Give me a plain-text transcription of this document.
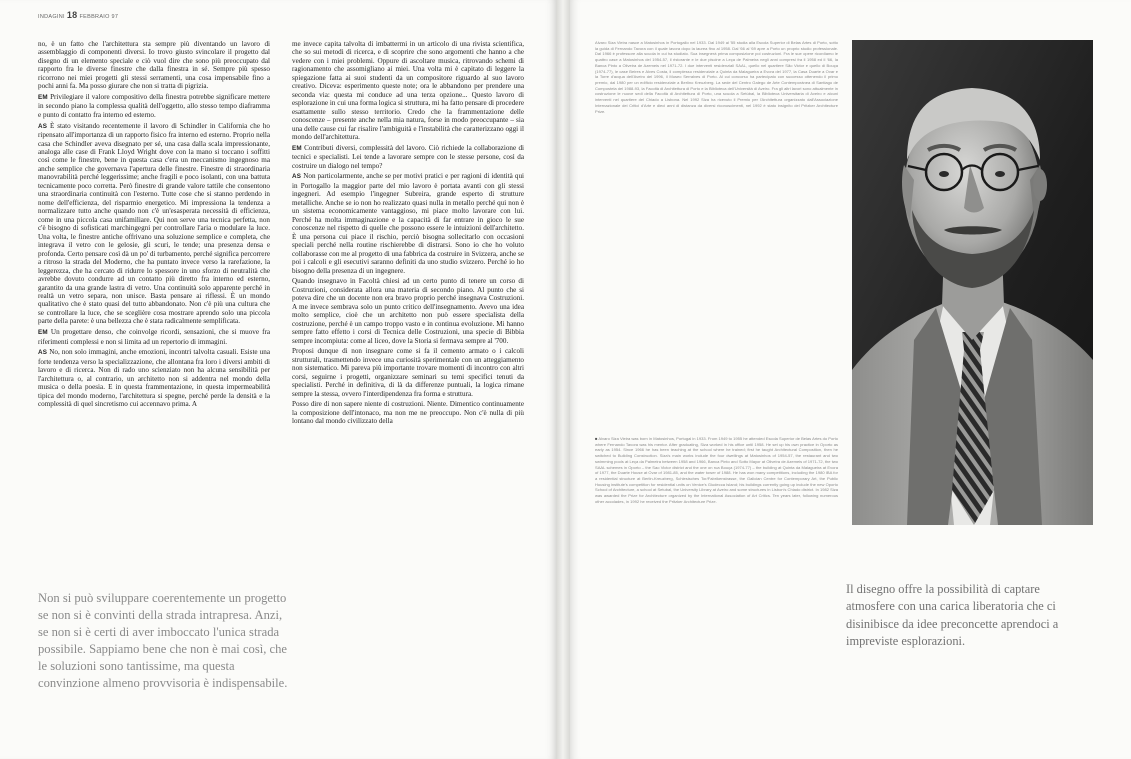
INDAGINI 18 FEBBRAIO 97

no, è un fatto che l'architettura sta sempre più diventando un lavoro di assemblaggio di componenti diversi. Io trovo giusto svincolare il progetto dal disegno di un elemento speciale e ciò vuol dire che sono più preoccupato dal rapporto fra le diverse finestre che dalla finestra in sé. Sempre più spesso ricorrono nei miei progetti gli stessi serramenti, una cosa impensabile fino a pochi anni fa. Ma posso giurare che non si tratta di pigrizia.

EM Privilegiare il valore compositivo della finestra potrebbe significare mettere in secondo piano la complessa qualità dell'oggetto, allo stesso tempo diaframma e punto di contatto fra interno ed esterno.

AS È stato visitando recentemente il lavoro di Schindler in California che ho ripensato all'importanza di un rapporto fisico fra interno ed esterno. Proprio nella casa che Schindler aveva disegnato per sé, una casa dalla scala impressionante, analoga alle case di Frank Lloyd Wright dove con la mano si toccano i soffitti così come le finestre, bene in questa casa c'era un meccanismo ingegnoso ma anche semplice che governava l'apertura delle finestre. Finestre di straordinaria manovrabilità perché leggerissime; anche fragili e poco isolanti, con una battuta tecnicamente poco corretta. Però finestre di grande valore tattile che consentono una straordinaria continuità con l'esterno. Tutte cose che si stanno perdendo in nome dell'efficienza, del risparmio energetico. Mi impressiona la tendenza a normalizzare tutto anche quando non c'è un'esasperata necessità di efficienza, come in una piccola casa unifamiliare. Qui non serve una tecnica perfetta, non c'è bisogno di sofisticati marchingegni per controllare l'aria o modulare la luce. Una volta, le finestre antiche offrivano una soluzione semplice e completa, che integrava il vetro con le gelosie, gli scuri, le tende; una presenza densa e profonda. Certo pensare così dà un po' di turbamento, perché significa percorrere a ritroso la strada del Moderno, che ha puntato invece verso la rarefazione, la leggerezza, che ha cercato di ridurre lo spessore in uno sforzo di neutralità che avrebbe dovuto condurre ad un contatto più diretto fra interno ed esterno, garantito da una grande lastra di vetro. Una continuità solo apparente perché in realtà un vetro separa, non unisce. Basta pensare ai riflessi. È un mondo qualitativo che è stato quasi del tutto abbandonato. Non c'è più una cultura che se controllare la luce, che se sceglière cosa mostrare aprendo solo una piccola parte della parete: è una bellezza che è stata radicalmente semplificata.

EM Un progettare denso, che coinvolge ricordi, sensazioni, che si muove fra riferimenti complessi e non si limita ad un repertorio di immagini.

AS No, non solo immagini, anche emozioni, incontri talvolta casuali. Esiste una forte tendenza verso la specializzazione, che allontana fra loro i diversi ambiti di lavoro e di ricerca. Non di rado uno scienziato non ha alcuna sensibilità per l'architettura o, al contrario, un architetto non si addentra nel mondo della musica o della poesia. E in questa frammentazione, in questa impermeabilità tipica del mondo moderno, l'architettura si spegne, perché perde la densità e la complessità di quel sincretismo cui accennavo prima. A

me invece capita talvolta di imbattermi in un articolo di una rivista scientifica, che so sui metodi di ricerca, e di scoprire che sono argomenti che hanno a che vedere con i miei problemi. Oppure di ascoltare musica, ritrovando schemi di ragionamento che assomigliano ai miei. Una volta mi è capitato di leggere la spiegazione fatta ai suoi studenti da un compositore riguardo al suo lavoro creativo. Diceva: esperimento queste note; ora le abbandono per prendere una seconda via: questa mi conduce ad una terza opzione... Questo lavoro di esplorazione in cui una forma logica si struttura, mi ha fatto pensare di procedere esattamente sullo stesso territorio. Credo che la frammentazione delle conoscenze – presente anche nella mia natura, forse in modo preoccupante – sia una delle cause cui far risalire l'ambiguità e l'instabilità che caratterizzano oggi il mondo dell'architettura.

EM Contributi diversi, complessità del lavoro. Ciò richiede la collaborazione di tecnici e specialisti. Lei tende a lavorare sempre con le stesse persone, così da costruire un dialogo nel tempo?

AS Non particolarmente, anche se per motivi pratici e per ragioni di identità qui in Portogallo la maggior parte del mio lavoro è portata avanti con gli stessi ingegneri. Ad esempio l'ingegner Subreira, grande esperto di strutture metalliche. Anche se io non ho realizzato quasi nulla in metallo perché qui non è un sistema economicamente vantaggioso, mi piace molto lavorare con lui. Perché ha molta immaginazione e la capacità di far entrare in gioco le sue conoscenze nel rispetto di quelle che possono essere le intuizioni dell'architetto. È una persona cui piace il rischio, perciò bisogna sollecitarlo con occasioni speciali perché nella routine rischierebbe di distrarsi. Sono io che ho voluto collaborasse con me al progetto di una fabbrica da costruire in Svizzera, anche se poi i calcoli e gli esecutivi saranno definiti da uno studio svizzero. Perché io ho bisogno della presenza di un ingegnere.

Quando insegnavo in Facoltà chiesi ad un certo punto di tenere un corso di Costruzioni, considerata allora una materia di secondo piano. Al punto che si poteva dire che un docente non era bravo proprio perché insegnava Costruzioni. A me invece sembrava solo un punto critico dell'insegnamento. Avevo una idea molto semplice, cioè che un architetto non può essere specialista della costruzione, perché è un campo troppo vasto e in continua evoluzione. Mi hanno sempre fatto effetto i corsi di Tecnica delle Costruzioni, una specie di Bibbia sempre incompiuta: come al liceo, dove la Storia si fermava sempre al '700.

Proposi dunque di non insegnare come si fa il cemento armato o i calcoli strutturali, trasmettendo invece una curiosità sperimentale con un atteggiamento non sistematico. Mi pareva più importante trovare momenti di incontro con altri corsi, seguirne i progetti, organizzare seminari su temi specifici tenuti da specialisti. Perché in definitiva, di là da differenze puntuali, la logica rimane sempre la stessa, ovvero l'interdipendenza fra forma e struttura.

Posso dire di non sapere niente di costruzioni. Niente. Dimentico continuamente la composizione dell'intonaco, ma non me ne preoccupo. Non c'è nulla di più lontano dal mondo civilizzato della

Non si può sviluppare coerentemente un progetto se non si è convinti della strada intrapresa. Anzi, se non si è certi di aver imboccato l'unica strada possibile. Sappiamo bene che non è mai così, che le soluzioni sono tantissime, ma questa convinzione almeno provvisoria è indispensabile.
Alvaro Siza Vieira nasce a Matosinhos in Portogallo nel 1933. Dal 1949 al '55 studia alla Escola Superior di Belas Artes di Porto, sotto la guida di Fernando Tavora con il quale lavora dopo la laurea fino al 1958. Dal '66 al '69 apre a Porto un proprio studio professionale. Dal 1966 è professore alla scuola in cui ha studiato. Sua insegnerà prima composizione poi costruzioni. Fra le sue opere ricordiamo le quattro case a Matosinhos del 1954-57, il ristorante e le due piscine a Leça de Palmeira negli anni compresi fra il 1958 ed il '66, la Banca Pinto a Oliveira de Azemeis nel 1971-72. I due interventi residenziali SAAL, quello nel quartiere São Victor e quello di Bouça (1974-77), le case Beires e Alves Costa, il complesso residenziale a Quinta da Malagueira a Evora del 1977, la Casa Duarte a Ovar e la Torre d'acqua dell'Aveiro del 1996, il Museo Serralves di Porto. Al cui concorso ha partecipato con successo ottenendo il primo premio, dal 1980 per un edificio residenziale a Berlino Kreuzberg. La sede del Centro Galego de Arte Contemporánea di Santiago de Compostela del 1988-93, la Facoltà di Architettura di Porto e la Biblioteca dell'Università di Aveiro. Fra gli altri lavori sono attualmente in costruzione le nuove sedi della Facoltà di Architettura di Porto, una scuola a Setúbal, la Biblioteca Universitaria di Aveiro e alcuni interventi nel quartiere del Chiado a Lisbona. Nel 1992 Siza ha ricevuto il Premio per l'Architettura organizzato dall'Associazione Internazionale dei Critici d'Arte e dieci anni di distanza da diversi riconoscimenti, nel 1992 è stato insignito del Pritzker Architecture Prize.
■ Alvaro Siza Vieira was born in Matosinhos, Portugal in 1933. From 1949 to 1955 he attended Escola Superior de Belas Artes do Porto where Fernando Tavora was his mentor. After graduating, Siza worked in his office until 1958. He set up his own practice in Oporto as early as 1954. Since 1966 he has been teaching at the school where he trained; first he taught Architectural Composition, then he switched to Building Construction. Siza's main works include the four dwellings at Matosinhos of 1954-57, the restaurant and two swimming pools at Leça da Palmeira between 1958 and 1966, Banca Pinto and Sotto Mayor at Oliveira de Azemeis of 1971-72, the two SAAL schemes in Oporto – the Sao Victor district and the one on rua Bouça (1974-77) – the building at Quinta da Malagueira at Evora of 1977, the Duarte House at Ovar of 1981-85, and the water tower of 1988. He has won many competitions, including the 1980 IBA for a residential structure at Berlin-Kreuzberg, Schlesisches Tor/Fabrikenstrasse, the Galician Centre for Contemporary Art, the Public Housing institute's competition for residential units on Venice's Giudecca Island; his buildings currently going up include the new Oporto School of Architecture, a school at Setubal, the University Library at Aveiro and some structures in Lisbon's Chiado district. In 1982 Siza was awarded the Prize for Architecture organized by the International Association of Art Critics. Ten years later, following numerous other accolades, in 1992 he received the Pritzker Architecture Prize.
Il disegno offre la possibilità di captare atmosfere con una carica liberatoria che ci disinibisce da idee preconcette aprendoci a impreviste esplorazioni.
